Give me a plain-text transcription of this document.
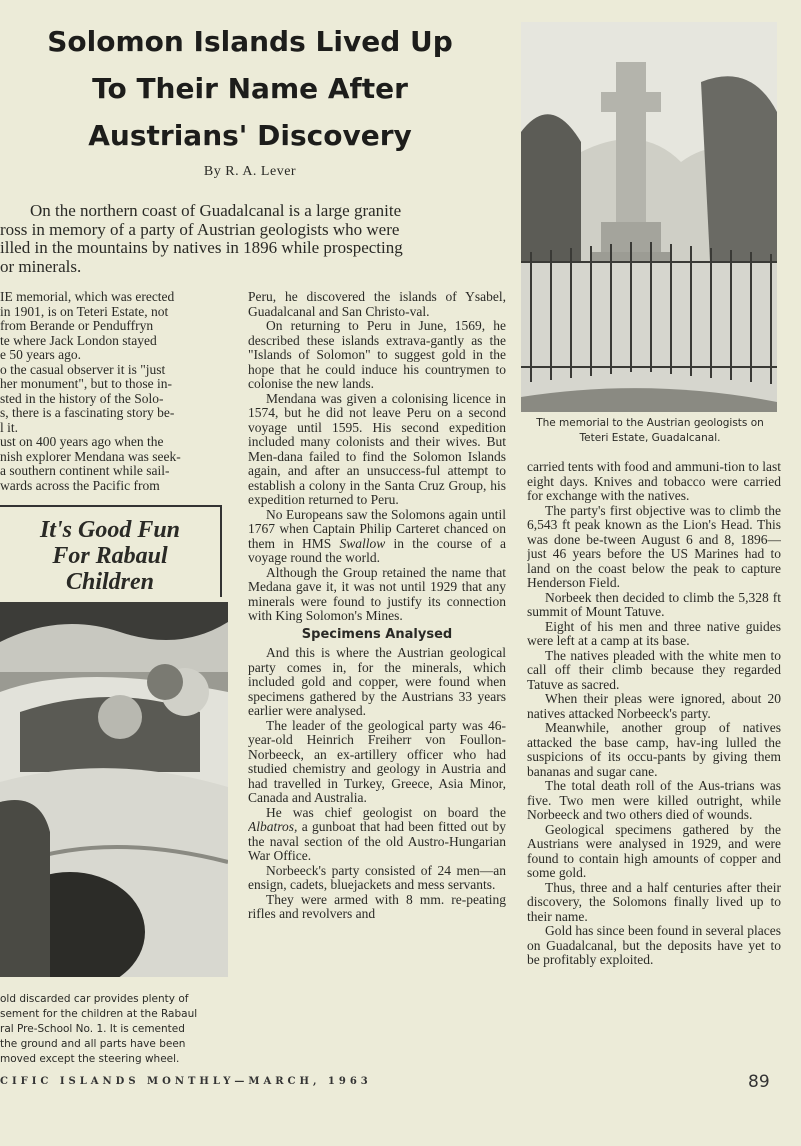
Solomon Islands Lived Up
To Their Name After
Austrians' Discovery
By R. A. Lever
On the northern coast of Guadalcanal is a large granite
ross in memory of a party of Austrian geologists who were
illed in the mountains by natives in 1896 while prospecting
or minerals.
IE memorial, which was erected
in 1901, is on Teteri Estate, not
from Berande or Penduffryn
te where Jack London stayed
e 50 years ago.
o the casual observer it is "just
her monument", but to those in-
sted in the history of the Solo-
s, there is a fascinating story be-
l it.
ust on 400 years ago when the
nish explorer Mendana was seek-
a southern continent while sail-
wards across the Pacific from
It's Good Fun
For Rabaul
Children
old discarded car provides plenty of
sement for the children at the Rabaul
ral Pre-School No. 1. It is cemented
the ground and all parts have been
moved except the steering wheel.

Peru, he discovered the islands of Ysabel, Guadalcanal and San Christo-val.

On returning to Peru in June, 1569, he described these islands extrava-gantly as the "Islands of Solomon" to suggest gold in the hope that he could induce his countrymen to colonise the new lands.

Mendana was given a colonising licence in 1574, but he did not leave Peru on a second voyage until 1595. His second expedition included many colonists and their wives. But Men-dana failed to find the Solomon Islands again, and after an unsuccess-ful attempt to establish a colony in the Santa Cruz Group, his expedition returned to Peru.

No Europeans saw the Solomons again until 1767 when Captain Philip Carteret chanced on them in HMS Swallow in the course of a voyage round the world.

Although the Group retained the name that Medana gave it, it was not until 1929 that any minerals were found to justify its connection with King Solomon's Mines.

Specimens Analysed

And this is where the Austrian geological party comes in, for the minerals, which included gold and copper, were found when specimens gathered by the Austrians 33 years earlier were analysed.

The leader of the geological party was 46-year-old Heinrich Freiherr von Foullon-Norbeeck, an ex-artillery officer who had studied chemistry and geology in Austria and had travelled in Turkey, Greece, Asia Minor, Canada and Australia.

He was chief geologist on board the Albatros, a gunboat that had been fitted out by the naval section of the old Austro-Hungarian War Office.

Norbeeck's party consisted of 24 men—an ensign, cadets, bluejackets and mess servants.

They were armed with 8 mm. re-peating rifles and revolvers and

The memorial to the Austrian geologists on Teteri Estate, Guadalcanal.

carried tents with food and ammuni-tion to last eight days. Knives and tobacco were carried for exchange with the natives.

The party's first objective was to climb the 6,543 ft peak known as the Lion's Head. This was done be-tween August 6 and 8, 1896—just 46 years before the US Marines had to land on the coast below the peak to capture Henderson Field.

Norbeek then decided to climb the 5,328 ft summit of Mount Tatuve.

Eight of his men and three native guides were left at a camp at its base.

The natives pleaded with the white men to call off their climb because they regarded Tatuve as sacred.

When their pleas were ignored, about 20 natives attacked Norbeeck's party.

Meanwhile, another group of natives attacked the base camp, hav-ing lulled the suspicions of its occu-pants by giving them bananas and sugar cane.

The total death roll of the Aus-trians was five. Two men were killed outright, while Norbeeck and two others died of wounds.

Geological specimens gathered by the Austrians were analysed in 1929, and were found to contain high amounts of copper and some gold.

Thus, three and a half centuries after their discovery, the Solomons finally lived up to their name.

Gold has since been found in several places on Guadalcanal, but the deposits have yet to be profitably exploited.

CIFIC ISLANDS MONTHLY—MARCH, 1963	89
